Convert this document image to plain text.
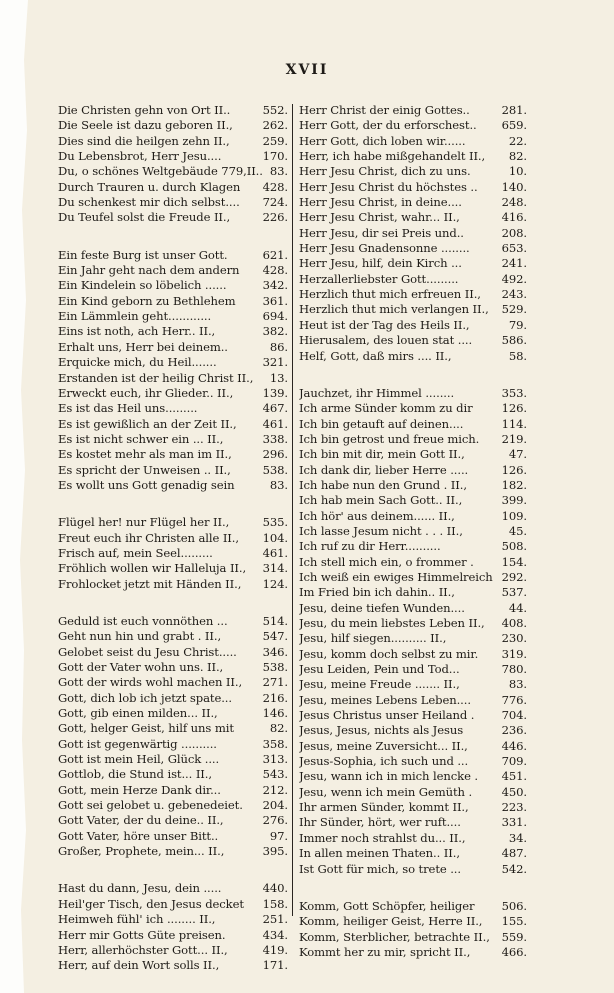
XVII
Die Christen gehn von Ort II..	552.
Die Seele ist dazu geboren II.,	262.
Dies sind die heilgen zehn II.,	259.
Du Lebensbrot, Herr Jesu....	170.
Du, o schönes Weltgebäude 779,II.. 83.
Durch Trauren u. durch Klagen	428.
Du schenkest mir dich selbst....	724.
Du Teufel solst die Freude II.,	226.
Ein feste Burg ist unser Gott.	621.
Ein Jahr geht nach dem andern	428.
Ein Kindelein so löbelich ......	342.
Ein Kind geborn zu Bethlehem	361.
Ein Lämmlein geht............	694.
Eins ist noth, ach Herr.. II.,	382.
Erhalt uns, Herr bei deinem..	86.
Erquicke mich, du Heil.......	321.
Erstanden ist der heilig Christ II.,	13.
Erweckt euch, ihr Glieder.. II.,	139.
Es ist das Heil uns.........	467.
Es ist gewißlich an der Zeit II.,	461.
Es ist nicht schwer ein ... II.,	338.
Es kostet mehr als man im II.,	296.
Es spricht der Unweisen .. II.,	538.
Es wollt uns Gott genadig sein	83.
Flügel her! nur Flügel her II.,	535.
Freut euch ihr Christen alle II.,	104.
Frisch auf, mein Seel.........	461.
Fröhlich wollen wir Halleluja II.,	314.
Frohlocket jetzt mit Händen II.,	124.
Geduld ist euch vonnöthen ...	514.
Geht nun hin und grabt . II.,	547.
Gelobet seist du Jesu Christ.....	346.
Gott der Vater wohn uns. II.,	538.
Gott der wirds wohl machen II.,	271.
Gott, dich lob ich jetzt spate...	216.
Gott, gib einen milden... II.,	146.
Gott, helger Geist, hilf uns mit	82.
Gott ist gegenwärtig ..........	358.
Gott ist mein Heil, Glück ....	313.
Gottlob, die Stund ist... II.,	543.
Gott, mein Herze Dank dir...	212.
Gott sei gelobet u. gebenedeiet.	204.
Gott Vater, der du deine.. II.,	276.
Gott Vater, höre unser Bitt..	97.
Großer, Prophete, mein... II.,	395.
Hast du dann, Jesu, dein .....	440.
Heil'ger Tisch, den Jesus decket	158.
Heimweh fühl' ich ........ II.,	251.
Herr mir Gotts Güte preisen.	434.
Herr, allerhöchster Gott... II.,	419.
Herr, auf dein Wort solls II.,	171.
Herr Christ der einig Gottes..	281.
Herr Gott, der du erforschest..	659.
Herr Gott, dich loben wir......	22.
Herr, ich habe mißgehandelt II.,	82.
Herr Jesu Christ, dich zu uns.	10.
Herr Jesu Christ du höchstes ..	140.
Herr Jesu Christ, in deine....	248.
Herr Jesu Christ, wahr... II.,	416.
Herr Jesu, dir sei Preis und..	208.
Herr Jesu Gnadensonne ........	653.
Herr Jesu, hilf, dein Kirch ...	241.
Herzallerliebster Gott.........	492.
Herzlich thut mich erfreuen II.,	243.
Herzlich thut mich verlangen II.,	529.
Heut ist der Tag des Heils II.,	79.
Hierusalem, des louen stat ....	586.
Helf, Gott, daß mirs .... II.,	58.
Jauchzet, ihr Himmel ........	353.
Ich arme Sünder komm zu dir	126.
Ich bin getauft auf deinen....	114.
Ich bin getrost und freue mich.	219.
Ich bin mit dir, mein Gott II.,	47.
Ich dank dir, lieber Herre .....	126.
Ich habe nun den Grund . II.,	182.
Ich hab mein Sach Gott.. II.,	399.
Ich hör' aus deinem...... II.,	109.
Ich lasse Jesum nicht . . . II.,	45.
Ich ruf zu dir Herr..........	508.
Ich stell mich ein, o frommer .	154.
Ich weiß ein ewiges Himmelreich 292.
Im Fried bin ich dahin.. II.,	537.
Jesu, deine tiefen Wunden....	44.
Jesu, du mein liebstes Leben II.,	408.
Jesu, hilf siegen.......... II.,	230.
Jesu, komm doch selbst zu mir.	319.
Jesu Leiden, Pein und Tod...	780.
Jesu, meine Freude ....... II.,	83.
Jesu, meines Lebens Leben....	776.
Jesus Christus unser Heiland .	704.
Jesus, Jesus, nichts als Jesus	236.
Jesus, meine Zuversicht... II.,	446.
Jesus-Sophia, ich such und ...	709.
Jesu, wann ich in mich lencke .	451.
Jesu, wenn ich mein Gemüth .	450.
Ihr armen Sünder, kommt II.,	223.
Ihr Sünder, hört, wer ruft....	331.
Immer noch strahlst du... II.,	34.
In allen meinen Thaten.. II.,	487.
Ist Gott für mich, so trete ...	542.
Komm, Gott Schöpfer, heiliger	506.
Komm, heiliger Geist, Herre II.,	155.
Komm, Sterblicher, betrachte II.,	559.
Kommt her zu mir, spricht II.,	466.
